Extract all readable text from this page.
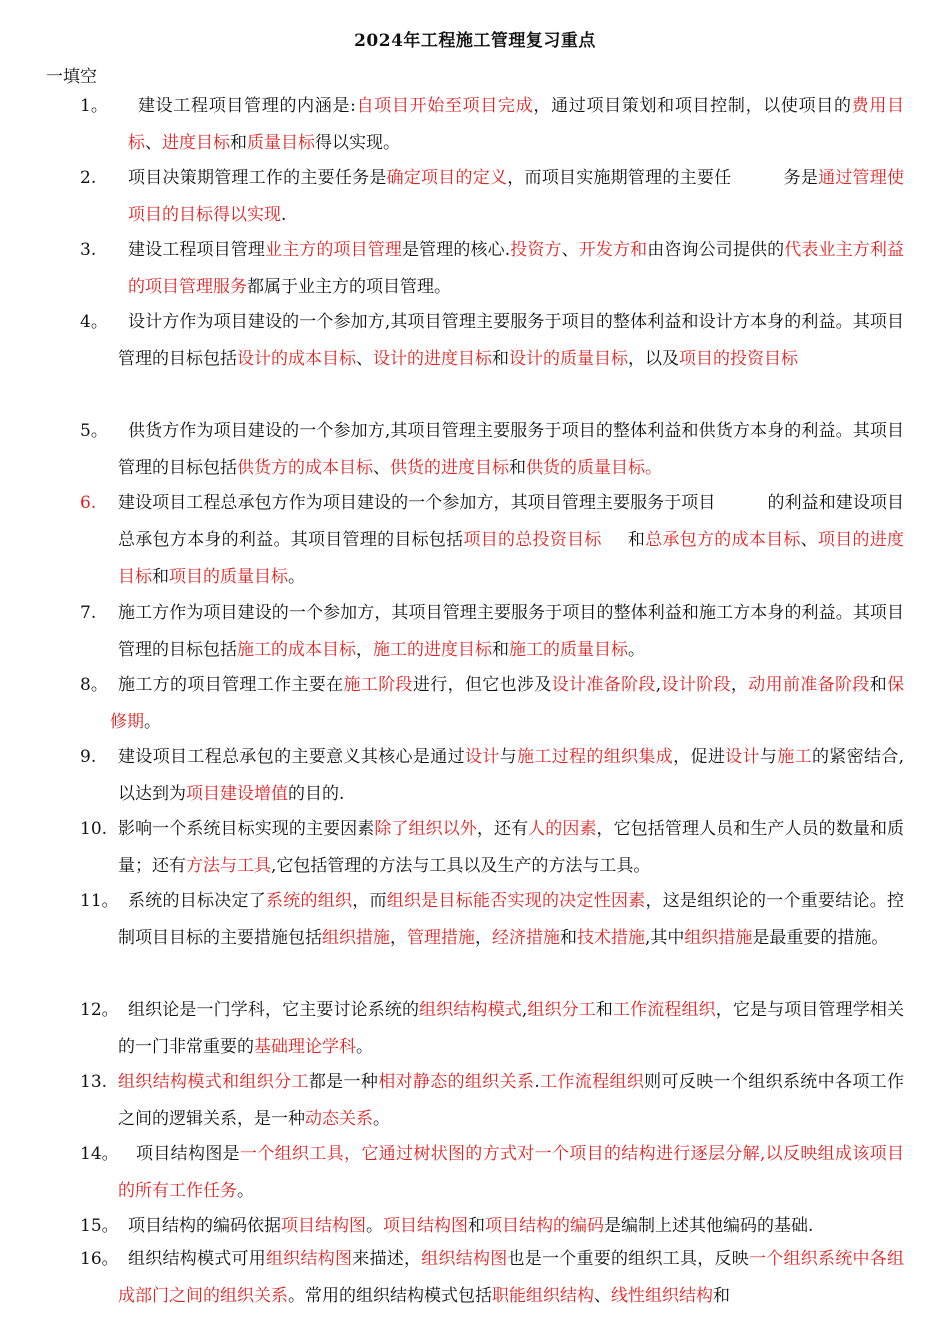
2024年工程施工管理复习重点
一填空
1。	建设工程项目管理的内涵是:自项目开始至项目完成，通过项目策划和项目控制，以使项目的费用目标、进度目标和质量目标得以实现。
2. 项目决策期管理工作的主要任务是确定项目的定义，而项目实施期管理的主要任	务是通过管理使项目的目标得以实现.
3. 建设工程项目管理业主方的项目管理是管理的核心.投资方、开发方和由咨询公司提供的代表业主方利益的项目管理服务都属于业主方的项目管理。
4。	设计方作为项目建设的一个参加方,其项目管理主要服务于项目的整体利益和设计方本身的利益。其项目管理的目标包括设计的成本目标、设计的进度目标和设计的质量目标，以及项目的投资目标
5。	供货方作为项目建设的一个参加方,其项目管理主要服务于项目的整体利益和供货方本身的利益。其项目管理的目标包括供货方的成本目标、供货的进度目标和供货的质量目标。
6. 建设项目工程总承包方作为项目建设的一个参加方，其项目管理主要服务于项目	的利益和建设项目总承包方本身的利益。其项目管理的目标包括项目的总投资目标 和总承包方的成本目标、项目的进度目标和项目的质量目标。
7. 施工方作为项目建设的一个参加方，其项目管理主要服务于项目的整体利益和施工方本身的利益。其项目管理的目标包括施工的成本目标，施工的进度目标和施工的质量目标。
8。 施工方的项目管理工作主要在施工阶段进行，但它也涉及设计准备阶段,设计阶段，动用前准备阶段和保修期。
9. 建设项目工程总承包的主要意义其核心是通过设计与施工过程的组织集成，促进设计与施工的紧密结合,以达到为项目建设增值的目的.
10. 影响一个系统目标实现的主要因素除了组织以外，还有人的因素，它包括管理人员和生产人员的数量和质量；还有方法与工具,它包括管理的方法与工具以及生产的方法与工具。
11。 系统的目标决定了系统的组织，而组织是目标能否实现的决定性因素，这是组织论的一个重要结论。控制项目目标的主要措施包括组织措施，管理措施，经济措施和技术措施,其中组织措施是最重要的措施。
12。 组织论是一门学科，它主要讨论系统的组织结构模式,组织分工和工作流程组织，它是与项目管理学相关的一门非常重要的基础理论学科。
13. 组织结构模式和组织分工都是一种相对静态的组织关系.工作流程组织则可反映一个组织系统中各项工作之间的逻辑关系，是一种动态关系。
14。	项目结构图是一个组织工具，它通过树状图的方式对一个项目的结构进行逐层分解,以反映组成该项目的所有工作任务。
15。 项目结构的编码依据项目结构图。项目结构图和项目结构的编码是编制上述其他编码的基础.
16。 组织结构模式可用组织结构图来描述，组织结构图也是一个重要的组织工具，反映一个组织系统中各组成部门之间的组织关系。常用的组织结构模式包括职能组织结构、线性组织结构和
